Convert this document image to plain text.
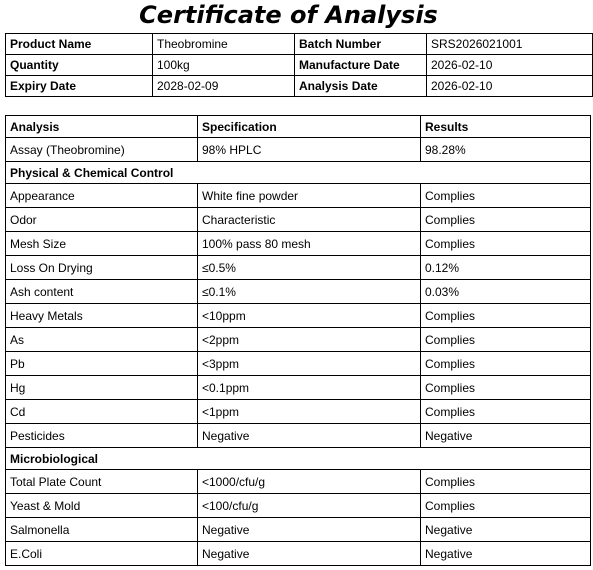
Certificate of Analysis
Product Name	Theobromine	Batch Number	SRS2026021001
Quantity	100kg	Manufacture Date	2026-02-10
Expiry Date	2028-02-09	Analysis Date	2026-02-10
Analysis	Specification	Results
Assay (Theobromine)	98% HPLC	98.28%
Physical & Chemical Control		
Appearance	White fine powder	Complies
Odor	Characteristic	Complies
Mesh Size	100% pass 80 mesh	Complies
Loss On Drying	≤0.5%	0.12%
Ash content	≤0.1%	0.03%
Heavy Metals	<10ppm	Complies
As	<2ppm	Complies
Pb	<3ppm	Complies
Hg	<0.1ppm	Complies
Cd	<1ppm	Complies
Pesticides	Negative	Negative
Microbiological		
Total Plate Count	<1000/cfu/g	Complies
Yeast & Mold	<100/cfu/g	Complies
Salmonella	Negative	Negative
E.Coli	Negative	Negative
